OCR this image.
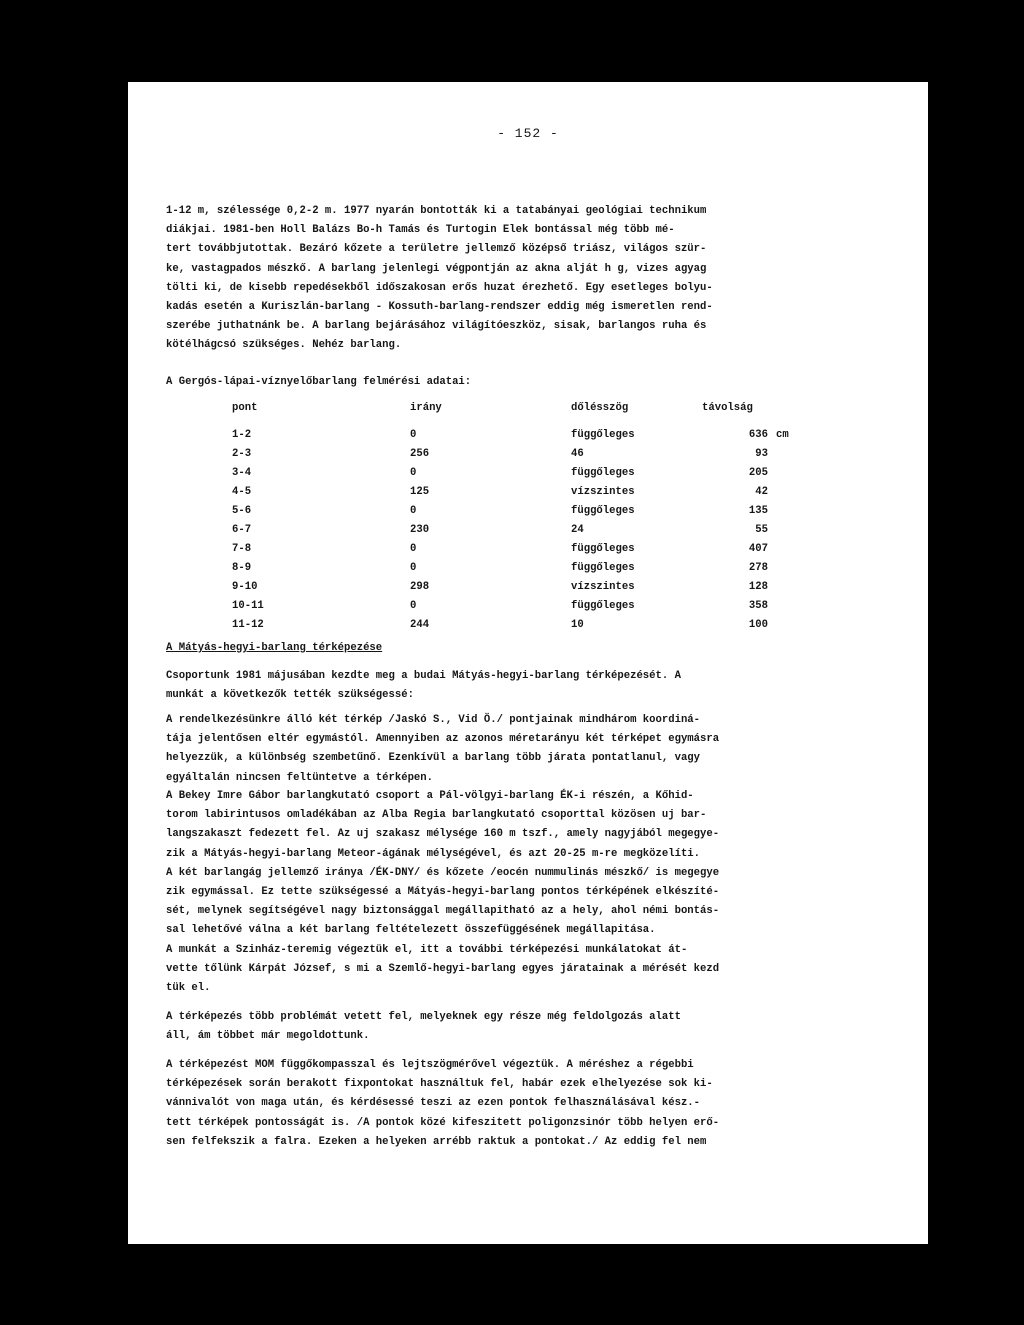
- 152 -
1-12 m, szélessége 0,2-2 m. 1977 nyarán bontották ki a tatabányai geológiai technikum
diákjai. 1981-ben Holl Balázs Bo-h Tamás és Turtogin Elek bontással még több mé-
tert továbbjutottak. Bezáró kőzete a területre jellemző középső triász, világos szür-
ke, vastagpados mészkő. A barlang jelenlegi végpontján az akna alját h g, vizes agyag
tölti ki, de kisebb repedésekből időszakosan erős huzat érezhető. Egy esetleges bolyu-
kadás esetén a Kuriszlán-barlang - Kossuth-barlang-rendszer eddig még ismeretlen rend-
szerébe juthatnánk be. A barlang bejárásához világítóeszköz, sisak, barlangos ruha és
kötélhágcsó szükséges. Nehéz barlang.
A Gergós-lápai-víznyelőbarlang felmérési adatai:
pont	irány	dőlésszög	távolság
1-2	0	függőleges	636 cm
2-3	256	46	93
3-4	0	függőleges	205
4-5	125	vízszintes	42
5-6	0	függőleges	135
6-7	230	24	55
7-8	0	függőleges	407
8-9	0	függőleges	278
9-10	298	vízszintes	128
10-11	0	függőleges	358
11-12	244	10	100
A Mátyás-hegyi-barlang térképezése
Csoportunk 1981 májusában kezdte meg a budai Mátyás-hegyi-barlang térképezését. A
munkát a következők tették szükségessé:
A rendelkezésünkre álló két térkép /Jaskó S., Vid Ö./ pontjainak mindhárom koordiná-
tája jelentősen eltér egymástól. Amennyiben az azonos méretarányu két térképet egymásra
helyezzük, a különbség szembetűnő. Ezenkívül a barlang több járata pontatlanul, vagy
egyáltalán nincsen feltüntetve a térképen.
A Bekey Imre Gábor barlangkutató csoport a Pál-völgyi-barlang ÉK-i részén, a Kőhid-
torom labirintusos omladékában az Alba Regia barlangkutató csoporttal közösen uj bar-
langszakaszt fedezett fel. Az uj szakasz mélysége 160 m tszf., amely nagyjából megegye-
zik a Mátyás-hegyi-barlang Meteor-ágának mélységével, és azt 20-25 m-re megközelíti.
A két barlangág jellemző iránya /ÉK-DNY/ és kőzete /eocén nummulinás mészkő/ is megegye
zik egymással. Ez tette szükségessé a Mátyás-hegyi-barlang pontos térképének elkészíté-
sét, melynek segítségével nagy biztonsággal megállapitható az a hely, ahol némi bontás-
sal lehetővé válna a két barlang feltételezett összefüggésének megállapitása.
A munkát a Szinház-teremig végeztük el, itt a további térképezési munkálatokat át-
vette tőlünk Kárpát József, s mi a Szemlő-hegyi-barlang egyes járatainak a mérését kezd
tük el.
A térképezés több problémát vetett fel, melyeknek egy része még feldolgozás alatt
áll, ám többet már megoldottunk.
A térképezést MOM függőkompasszal és lejtszögmérővel végeztük. A méréshez a régebbi
térképezések során berakott fixpontokat használtuk fel, habár ezek elhelyezése sok ki-
vánnivalót von maga után, és kérdésessé teszi az ezen pontok felhasználásával kész.-
tett térképek pontosságát is. /A pontok közé kifeszitett poligonzsinór több helyen erő-
sen felfekszik a falra. Ezeken a helyeken arrébb raktuk a pontokat./ Az eddig fel nem
